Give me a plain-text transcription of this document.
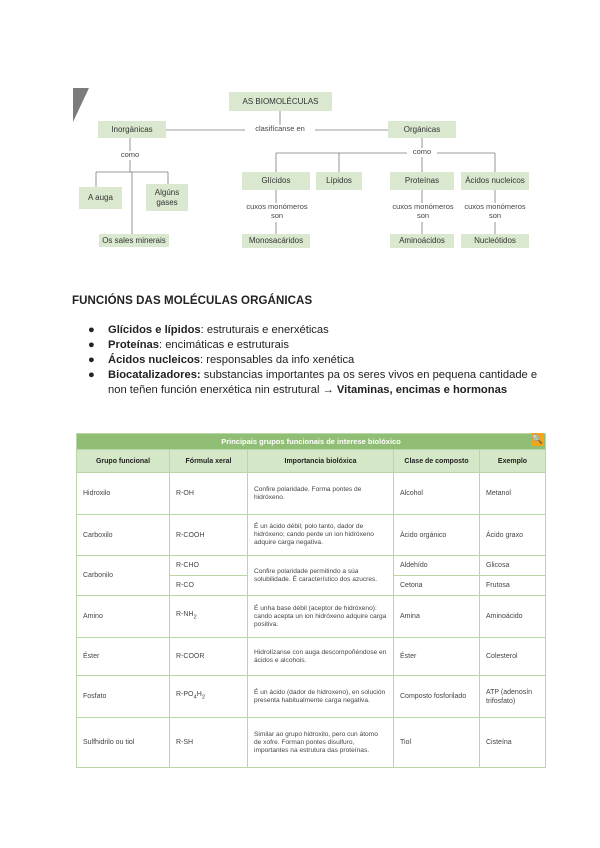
AS BIOMOLÉCULAS
clasifícanse en
Inorgánicas	Orgánicas
como	como
A auga
Algúns gases
Os sales minerais
Glícidos	Lípidos	Proteínas	Ácidos nucleicos
cuxos monómeros son
cuxos monómeros son
cuxos monómeros son
Monosacáridos	Aminoácidos	Nucleótidos
FUNCIÓNS DAS MOLÉCULAS ORGÁNICAS
● Glícidos e lípidos: estruturais e enerxéticas
● Proteínas: encimáticas e estruturais
● Ácidos nucleicos: responsables da info xenética
● Biocatalizadores: substancias importantes pa os seres vivos en pequena cantidade e non teñen función enerxética nin estrutural → Vitaminas, encimas e hormonas
Principais grupos funcionais de interese biolóxico				
Grupo funcional	Fórmula xeral	Importancia biolóxica	Clase de composto	Exemplo
Hidroxilo	R-OH	Confire polaridade. Forma pontes de hidróxeno.	Alcohol	Metanol
Carboxilo	R-COOH	É un ácido débil; polo tanto, dador de hidróxeno; cando perde un ion hidróxeno adquire carga negativa.	Ácido orgánico	Ácido graxo
Carbonilo	R-CHO	Confire polaridade permitindo a súa solubilidade. É característico dos azucres.	Aldehído	Glicosa
	R-CO		Cetona	Frutosa
Amino	$R-NH_2$	É unha base débil (aceptor de hidróxeno): cando acepta un ion hidróxeno adquire carga positiva.	Amina	Aminoácido
Éster	R-COOR	Hidrolízanse con auga descompoñéndose en ácidos e alcohois.	Éster	Colesterol
Fosfato	$R-PO_4H_2$	É un ácido (dador de hidroxeno), en solución presenta habitualmente carga negativa.	Composto fosforilado	ATP (adenosín trifosfato)
Sulfhidrilo ou tiol	R-SH	Similar ao grupo hidroxilo, pero cun átomo de xofre. Forman pontes disulfuro, importantes na estrutura das proteínas.	Tiol	Cisteína
🔍
